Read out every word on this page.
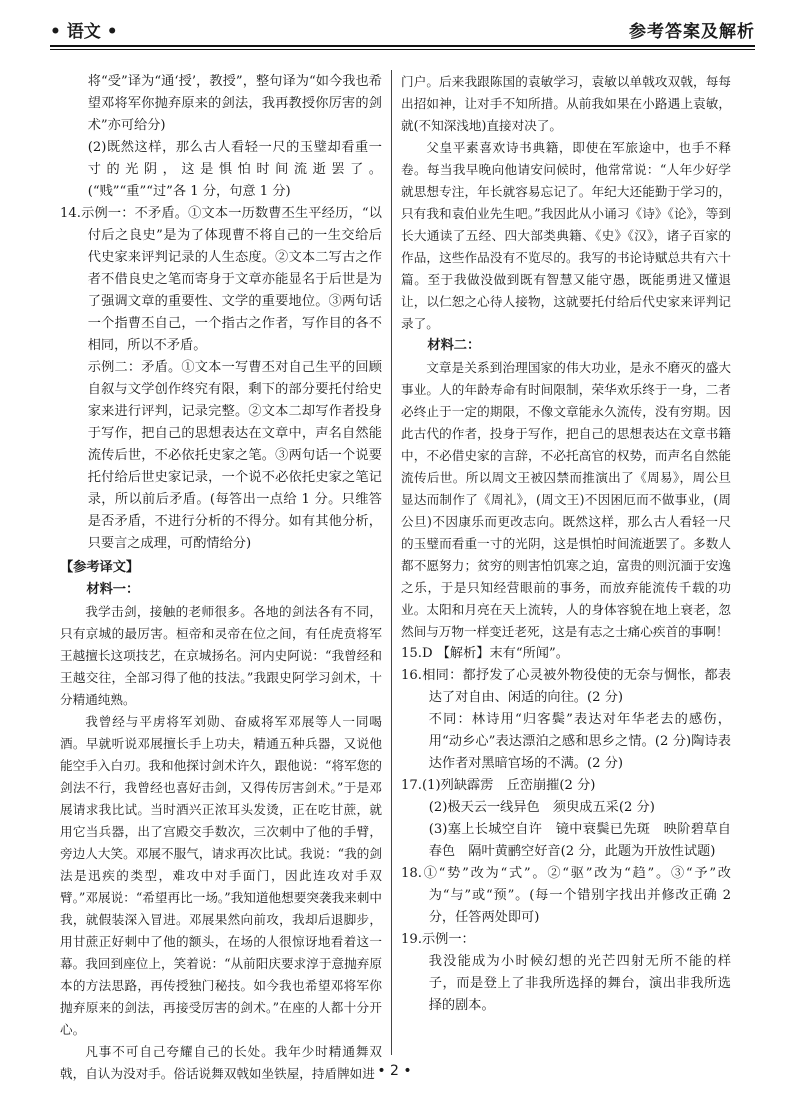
• 语文 •	参考答案及解析

将“受”译为“通‘授’，教授”，整句译为“如今我也希望邓将军你抛弃原来的剑法，我再教授你厉害的剑术”亦可给分)

(2)既然这样，那么古人看轻一尺的玉璧却看重一寸的光阴，这是惧怕时间流逝罢了。(“贱”“重”“过”各 1 分，句意 1 分)

14.示例一：不矛盾。①文本一历数曹丕生平经历，“以付后之良史”是为了体现曹不将自己的一生交给后代史家来评判记录的人生态度。②文本二写古之作者不借良史之笔而寄身于文章亦能显名于后世是为了强调文章的重要性、文学的重要地位。③两句话一个指曹丕自己，一个指古之作者，写作目的各不相同，所以不矛盾。

示例二：矛盾。①文本一写曹丕对自己生平的回顾自叙与文学创作终究有限，剩下的部分要托付给史家来进行评判，记录完整。②文本二却写作者投身于写作，把自己的思想表达在文章中，声名自然能流传后世，不必依托史家之笔。③两句话一个说要托付给后世史家记录，一个说不必依托史家之笔记录，所以前后矛盾。(每答出一点给 1 分。只维答是否矛盾，不进行分析的不得分。如有其他分析，只要言之成理，可酌情给分)

【参考译文】

材料一：

我学击剑，接触的老师很多。各地的剑法各有不同，只有京城的最厉害。桓帝和灵帝在位之间，有任虎贲将军王越擅长这项技艺，在京城扬名。河内史阿说：“我曾经和王越交往，全部习得了他的技法。”我跟史阿学习剑术，十分精通纯熟。

我曾经与平虏将军刘勋、奋威将军邓展等人一同喝酒。早就听说邓展擅长手上功夫，精通五种兵器，又说他能空手入白刃。我和他探讨剑术许久，跟他说：“将军您的剑法不行，我曾经也喜好击剑，又得传厉害剑术。”于是邓展请求我比试。当时酒兴正浓耳头发烫，正在吃甘蔗，就用它当兵器，出了宫殿交手数次，三次刺中了他的手臂，旁边人大笑。邓展不服气，请求再次比试。我说：“我的剑法是迅疾的类型，难攻中对手面门，因此连攻对手双臂。”邓展说：“希望再比一场。”我知道他想要突袭我来刺中我，就假装深入冒进。邓展果然向前攻，我却后退脚步，用甘蔗正好刺中了他的额头，在场的人很惊讶地看着这一幕。我回到座位上，笑着说：“从前阳庆要求淳于意抛弃原本的方法思路，再传授独门秘技。如今我也希望邓将军你抛弃原来的剑法，再接受厉害的剑术。”在座的人都十分开心。

凡事不可自己夸耀自己的长处。我年少时精通舞双戟，自认为没对手。俗话说舞双戟如坐铁屋，持盾牌如进

门户。后来我跟陈国的袁敏学习，袁敏以单戟攻双戟，每每出招如神，让对手不知所措。从前我如果在小路遇上袁敏，就(不知深浅地)直接对决了。

父皇平素喜欢诗书典籍，即使在军旅途中，也手不释卷。每当我早晚向他请安问候时，他常常说：“人年少好学就思想专注，年长就容易忘记了。年纪大还能勤于学习的，只有我和袁伯业先生吧。”我因此从小诵习《诗》《论》，等到长大通读了五经、四大部类典籍、《史》《汉》，诸子百家的作品，这些作品没有不览尽的。我写的书论诗赋总共有六十篇。至于我做没做到既有智慧又能守愚，既能勇进又懂退让，以仁恕之心待人接物，这就要托付给后代史家来评判记录了。

材料二：

文章是关系到治理国家的伟大功业，是永不磨灭的盛大事业。人的年龄寿命有时间限制，荣华欢乐终于一身，二者必终止于一定的期限，不像文章能永久流传，没有穷期。因此古代的作者，投身于写作，把自己的思想表达在文章书籍中，不必借史家的言辞，不必托高官的权势，而声名自然能流传后世。所以周文王被囚禁而推演出了《周易》，周公旦显达而制作了《周礼》，(周文王)不因困厄而不做事业，(周公旦)不因康乐而更改志向。既然这样，那么古人看轻一尺的玉璧而看重一寸的光阴，这是惧怕时间流逝罢了。多数人都不愿努力；贫穷的则害怕饥寒之迫，富贵的则沉湎于安逸之乐，于是只知经营眼前的事务，而放弃能流传千载的功业。太阳和月亮在天上流转，人的身体容貌在地上衰老，忽然间与万物一样变迁老死，这是有志之士痛心疾首的事啊！

15.D 【解析】末有“所闻”。

16.相同：都抒发了心灵被外物役使的无奈与惆怅，都表达了对自由、闲适的向往。(2 分)

不同：林诗用“归客鬓”表达对年华老去的感伤，用“动乡心”表达漂泊之感和思乡之情。(2 分)陶诗表达作者对黑暗官场的不满。(2 分)

17.(1)列缺霹雳　丘峦崩摧(2 分)

(2)极天云一线异色　须臾成五采(2 分)

(3)塞上长城空自许　镜中衰鬓已先斑　映阶碧草自春色　隔叶黄鹂空好音(2 分，此题为开放性试题)

18.①“势”改为“式”。②“驱”改为“趋”。③“予”改为“与”或“预”。(每一个错别字找出并修改正确 2 分，任答两处即可)

19.示例一：

我没能成为小时候幻想的光芒四射无所不能的样子，而是登上了非我所选择的舞台，演出非我所选择的剧本。

• 2 •
